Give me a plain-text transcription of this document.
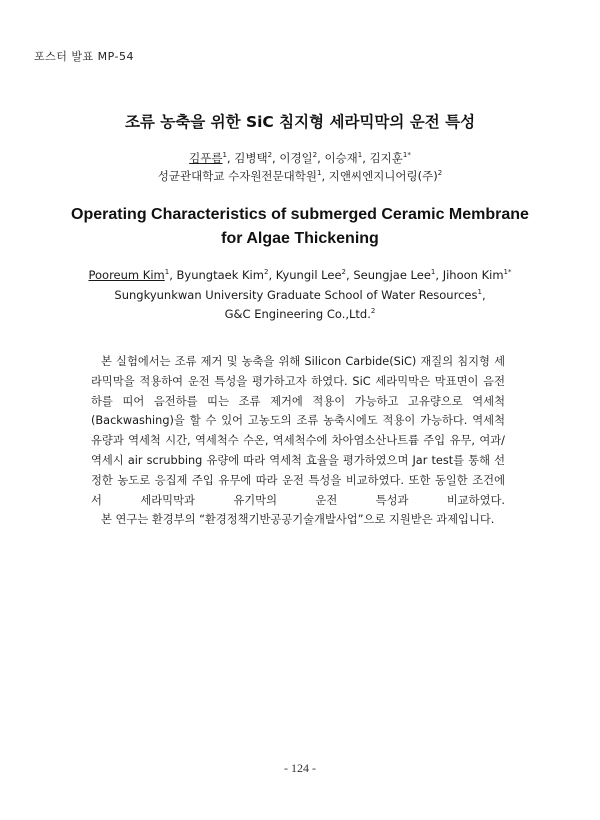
포스터 발표 MP-54
조류 농축을 위한 SiC 침지형 세라믹막의 운전 특성
김푸름$^1$, 김병택$^2$, 이경일$^2$, 이승재$^1$, 김지훈$^{1*}$
성균관대학교 수자원전문대학원$^1$, 지앤씨엔지니어링(주)$^2$
Operating Characteristics of submerged Ceramic Membrane
for Algae Thickening
Pooreum Kim$^1$, Byungtaek Kim$^2$, Kyungil Lee$^2$, Seungjae Lee$^1$, Jihoon Kim$^{1*}$
Sungkyunkwan University Graduate School of Water Resources$^1$, G&C Engineering Co.,Ltd.$^2$

본 실험에서는 조류 제거 및 농축을 위해 Silicon Carbide(SiC) 재질의 침지형 세라믹막을 적용하여 운전 특성을 평가하고자 하였다. SiC 세라믹막은 막표면이 음전하를 띠어 음전하를 띠는 조류 제거에 적용이 가능하고 고유량으로 역세척(Backwashing)을 할 수 있어 고농도의 조류 농축시에도 적용이 가능하다. 역세척 유량과 역세척 시간, 역세척수 수온, 역세척수에 차아염소산나트륨 주입 유무, 여과/역세시 air scrubbing 유량에 따라 역세척 효율을 평가하였으며 Jar test를 통해 선정한 농도로 응집제 주입 유무에 따라 운전 특성을 비교하였다. 또한 동일한 조건에서 세라믹막과 유기막의 운전 특성과 비교하였다.

본 연구는 환경부의 “환경정책기반공공기술개발사업”으로 지원받은 과제입니다.

- 124 -
